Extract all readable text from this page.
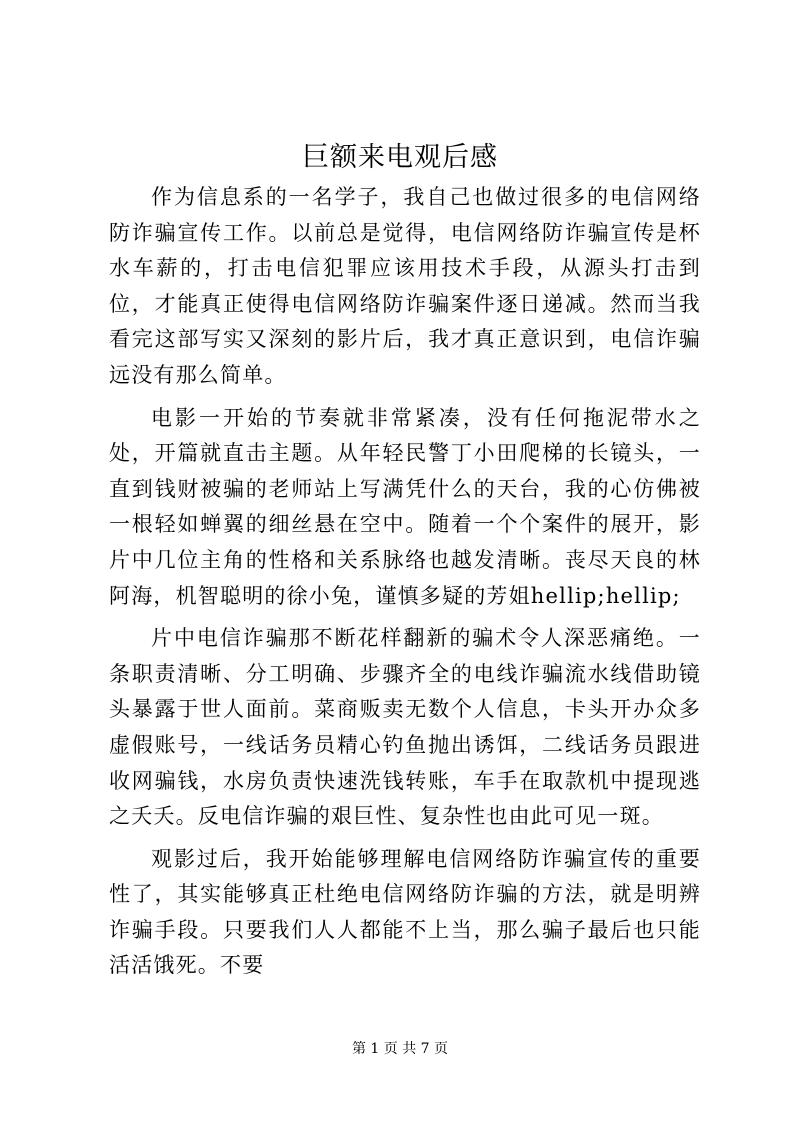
巨额来电观后感

作为信息系的一名学子，我自己也做过很多的电信网络防诈骗宣传工作。以前总是觉得，电信网络防诈骗宣传是杯水车薪的，打击电信犯罪应该用技术手段，从源头打击到位，才能真正使得电信网络防诈骗案件逐日递减。然而当我看完这部写实又深刻的影片后，我才真正意识到，电信诈骗远没有那么简单。

电影一开始的节奏就非常紧凑，没有任何拖泥带水之处，开篇就直击主题。从年轻民警丁小田爬梯的长镜头，一直到钱财被骗的老师站上写满凭什么的天台，我的心仿佛被一根轻如蝉翼的细丝悬在空中。随着一个个案件的展开，影片中几位主角的性格和关系脉络也越发清晰。丧尽天良的林阿海，机智聪明的徐小兔，谨慎多疑的芳姐hellip;hellip;

片中电信诈骗那不断花样翻新的骗术令人深恶痛绝。一条职责清晰、分工明确、步骤齐全的电线诈骗流水线借助镜头暴露于世人面前。菜商贩卖无数个人信息，卡头开办众多虚假账号，一线话务员精心钓鱼抛出诱饵，二线话务员跟进收网骗钱，水房负责快速洗钱转账，车手在取款机中提现逃之夭夭。反电信诈骗的艰巨性、复杂性也由此可见一斑。

观影过后，我开始能够理解电信网络防诈骗宣传的重要性了，其实能够真正杜绝电信网络防诈骗的方法，就是明辨诈骗手段。只要我们人人都能不上当，那么骗子最后也只能活活饿死。不要

第 1 页 共 7 页
